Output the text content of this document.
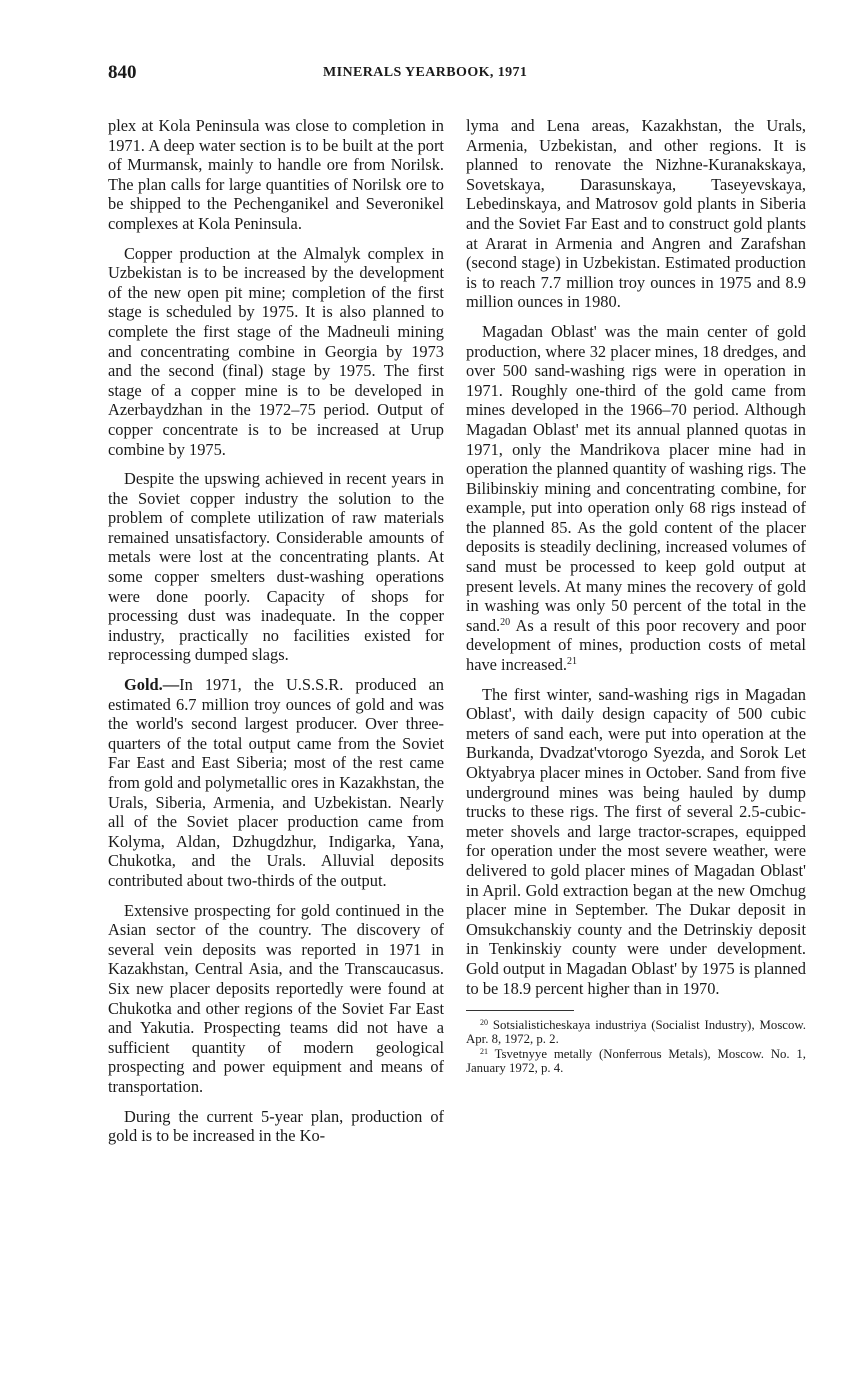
840	MINERALS YEARBOOK, 1971

plex at Kola Peninsula was close to completion in 1971. A deep water section is to be built at the port of Murmansk, mainly to handle ore from Norilsk. The plan calls for large quantities of Norilsk ore to be shipped to the Pechenganikel and Severonikel complexes at Kola Peninsula.

Copper production at the Almalyk complex in Uzbekistan is to be increased by the development of the new open pit mine; completion of the first stage is scheduled by 1975. It is also planned to complete the first stage of the Madneuli mining and concentrating combine in Georgia by 1973 and the second (final) stage by 1975. The first stage of a copper mine is to be developed in Azerbaydzhan in the 1972–75 period. Output of copper concentrate is to be increased at Urup combine by 1975.

Despite the upswing achieved in recent years in the Soviet copper industry the solution to the problem of complete utilization of raw materials remained unsatisfactory. Considerable amounts of metals were lost at the concentrating plants. At some copper smelters dust-washing operations were done poorly. Capacity of shops for processing dust was inadequate. In the copper industry, practically no facilities existed for reprocessing dumped slags.

Gold.—In 1971, the U.S.S.R. produced an estimated 6.7 million troy ounces of gold and was the world's second largest producer. Over three-quarters of the total output came from the Soviet Far East and East Siberia; most of the rest came from gold and polymetallic ores in Kazakhstan, the Urals, Siberia, Armenia, and Uzbekistan. Nearly all of the Soviet placer production came from Kolyma, Aldan, Dzhugdzhur, Indigarka, Yana, Chukotka, and the Urals. Alluvial deposits contributed about two-thirds of the output.

Extensive prospecting for gold continued in the Asian sector of the country. The discovery of several vein deposits was reported in 1971 in Kazakhstan, Central Asia, and the Transcaucasus. Six new placer deposits reportedly were found at Chukotka and other regions of the Soviet Far East and Yakutia. Prospecting teams did not have a sufficient quantity of modern geological prospecting and power equipment and means of transportation.

During the current 5-year plan, production of gold is to be increased in the Ko-

lyma and Lena areas, Kazakhstan, the Urals, Armenia, Uzbekistan, and other regions. It is planned to renovate the Nizhne-Kuranakskaya, Sovetskaya, Darasunskaya, Taseyevskaya, Lebedinskaya, and Matrosov gold plants in Siberia and the Soviet Far East and to construct gold plants at Ararat in Armenia and Angren and Zarafshan (second stage) in Uzbekistan. Estimated production is to reach 7.7 million troy ounces in 1975 and 8.9 million ounces in 1980.

Magadan Oblast' was the main center of gold production, where 32 placer mines, 18 dredges, and over 500 sand-washing rigs were in operation in 1971. Roughly one-third of the gold came from mines developed in the 1966–70 period. Although Magadan Oblast' met its annual planned quotas in 1971, only the Mandrikova placer mine had in operation the planned quantity of washing rigs. The Bilibinskiy mining and concentrating combine, for example, put into operation only 68 rigs instead of the planned 85. As the gold content of the placer deposits is steadily declining, increased volumes of sand must be processed to keep gold output at present levels. At many mines the recovery of gold in washing was only 50 percent of the total in the sand.$^{20}$ As a result of this poor recovery and poor development of mines, production costs of metal have increased.$^{21}$

The first winter, sand-washing rigs in Magadan Oblast', with daily design capacity of 500 cubic meters of sand each, were put into operation at the Burkanda, Dvadzat'vtorogo Syezda, and Sorok Let Oktyabrya placer mines in October. Sand from five underground mines was being hauled by dump trucks to these rigs. The first of several 2.5-cubic-meter shovels and large tractor-scrapes, equipped for operation under the most severe weather, were delivered to gold placer mines of Magadan Oblast' in April. Gold extraction began at the new Omchug placer mine in September. The Dukar deposit in Omsukchanskiy county and the Detrinskiy deposit in Tenkinskiy county were under development. Gold output in Magadan Oblast' by 1975 is planned to be 18.9 percent higher than in 1970.

$^{20}$ Sotsialisticheskaya industriya (Socialist Industry), Moscow. Apr. 8, 1972, p. 2.

$^{21}$ Tsvetnyye metally (Nonferrous Metals), Moscow. No. 1, January 1972, p. 4.
